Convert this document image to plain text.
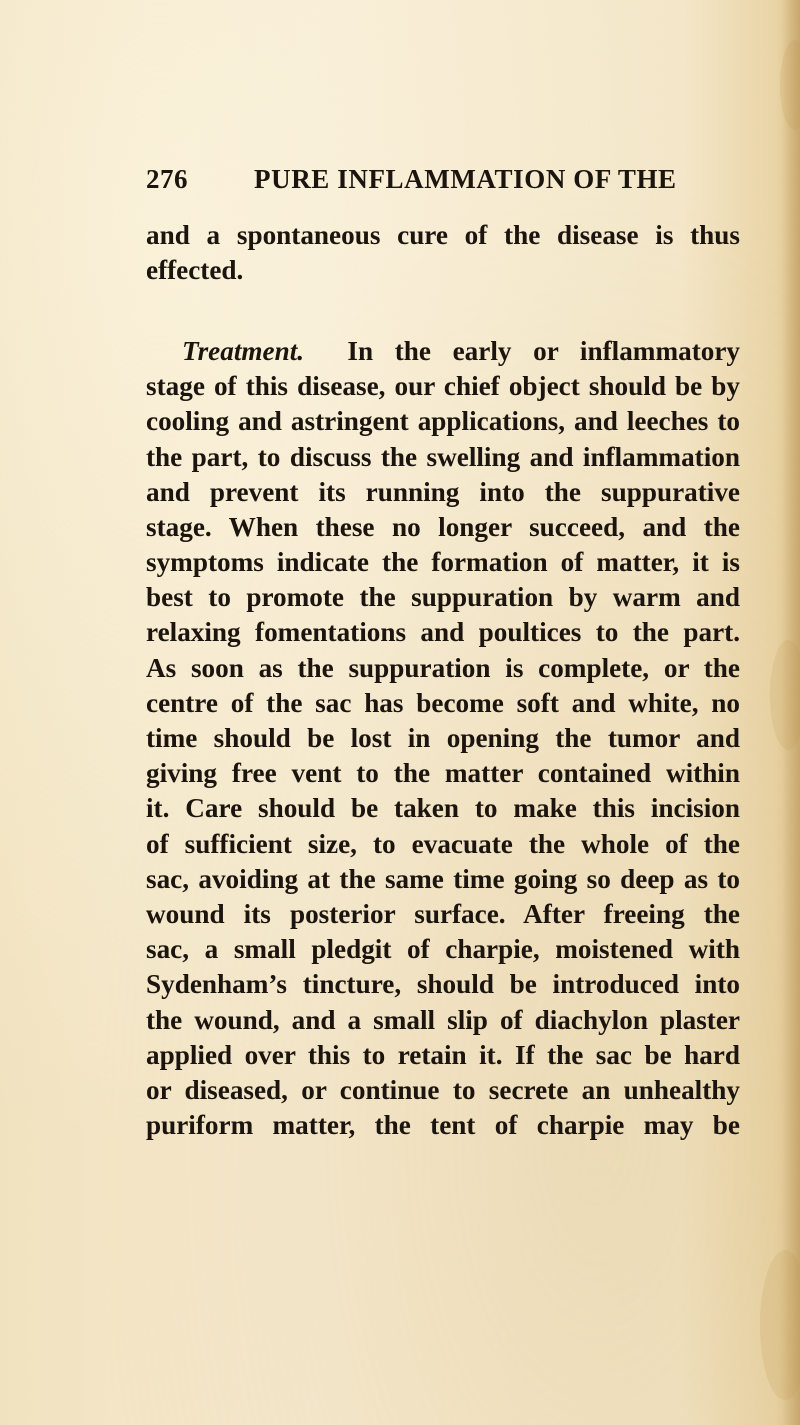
276 PURE INFLAMMATION OF THE
and a spontaneous cure of the disease is thus
effected.
Treatment. In the early or inflammatory
stage of this disease, our chief object should be by
cooling and astringent applications, and leeches to
the part, to discuss the swelling and inflammation
and prevent its running into the suppurative
stage. When these no longer succeed, and the
symptoms indicate the formation of matter, it is
best to promote the suppuration by warm and
relaxing fomentations and poultices to the part.
As soon as the suppuration is complete, or the
centre of the sac has become soft and white, no
time should be lost in opening the tumor and
giving free vent to the matter contained within
it. Care should be taken to make this incision
of sufficient size, to evacuate the whole of the
sac, avoiding at the same time going so deep as to
wound its posterior surface. After freeing the
sac, a small pledgit of charpie, moistened with
Sydenham’s tincture, should be introduced into
the wound, and a small slip of diachylon plaster
applied over this to retain it. If the sac be hard
or diseased, or continue to secrete an unhealthy
puriform matter, the tent of charpie may be
